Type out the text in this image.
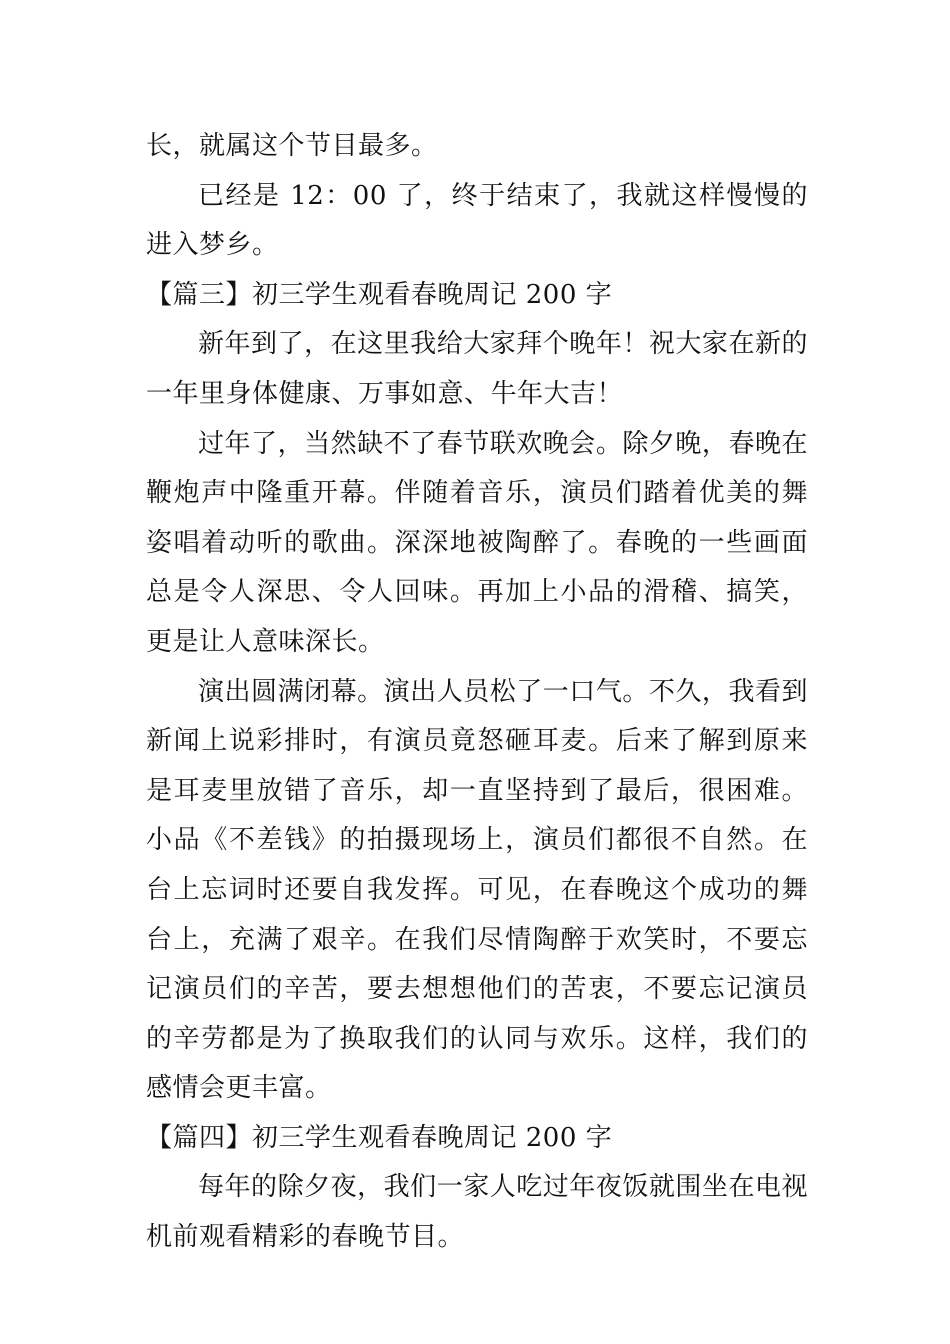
长，就属这个节目最多。

已经是 12：00 了，终于结束了，我就这样慢慢的进入梦乡。

【篇三】初三学生观看春晚周记 200 字

新年到了，在这里我给大家拜个晚年！祝大家在新的一年里身体健康、万事如意、牛年大吉！

过年了，当然缺不了春节联欢晚会。除夕晚，春晚在鞭炮声中隆重开幕。伴随着音乐，演员们踏着优美的舞姿唱着动听的歌曲。深深地被陶醉了。春晚的一些画面总是令人深思、令人回味。再加上小品的滑稽、搞笑，更是让人意味深长。

演出圆满闭幕。演出人员松了一口气。不久，我看到新闻上说彩排时，有演员竟怒砸耳麦。后来了解到原来是耳麦里放错了音乐，却一直坚持到了最后，很困难。小品《不差钱》的拍摄现场上，演员们都很不自然。在台上忘词时还要自我发挥。可见，在春晚这个成功的舞台上，充满了艰辛。在我们尽情陶醉于欢笑时，不要忘记演员们的辛苦，要去想想他们的苦衷，不要忘记演员的辛劳都是为了换取我们的认同与欢乐。这样，我们的感情会更丰富。

【篇四】初三学生观看春晚周记 200 字

每年的除夕夜，我们一家人吃过年夜饭就围坐在电视机前观看精彩的春晚节目。
